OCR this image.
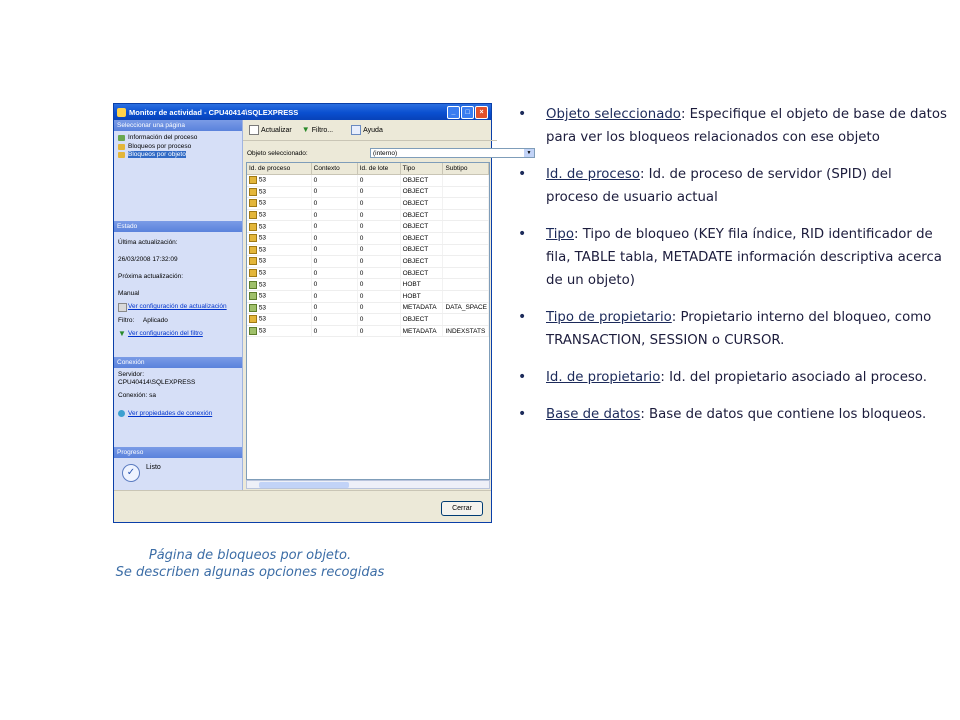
Monitor de actividad - CPU40414\SQLEXPRESS	_	□	×
Seleccionar una página
Información del proceso
Bloqueos por proceso
Bloqueos por objeto
Estado
Última actualización:
26/03/2008 17:32:09
Próxima actualización:
Manual
Ver configuración de actualización
Filtro: Aplicado
▼ Ver configuración del filtro
Conexión
Servidor:
CPU40414\SQLEXPRESS
Conexión: sa
Ver propiedades de conexión
Progreso
✓	Listo
Actualizar ▼ Filtro...	Ayuda
Objeto seleccionado:	(interno)	▼
Id. de proceso	Contexto	Id. de lote	Tipo	Subtipo
53	0	0	OBJECT	
53	0	0	OBJECT	
53	0	0	OBJECT	
53	0	0	OBJECT	
53	0	0	OBJECT	
53	0	0	OBJECT	
53	0	0	OBJECT	
53	0	0	OBJECT	
53	0	0	OBJECT	
53	0	0	HOBT	
53	0	0	HOBT	
53	0	0	METADATA	DATA_SPACE
53	0	0	OBJECT	
53	0	0	METADATA	INDEXSTATS
Cerrar
Página de bloqueos por objeto.
Se describen algunas opciones recogidas
• Objeto seleccionado: Especifique el objeto de base de datos para ver los bloqueos relacionados con ese objeto
• Id. de proceso: Id. de proceso de servidor (SPID) del proceso de usuario actual
• Tipo: Tipo de bloqueo (KEY fila índice, RID identificador de fila, TABLE tabla, METADATE información descriptiva acerca de un objeto)
• Tipo de propietario: Propietario interno del bloqueo, como TRANSACTION, SESSION o CURSOR.
• Id. de propietario: Id. del propietario asociado al proceso.
• Base de datos: Base de datos que contiene los bloqueos.
